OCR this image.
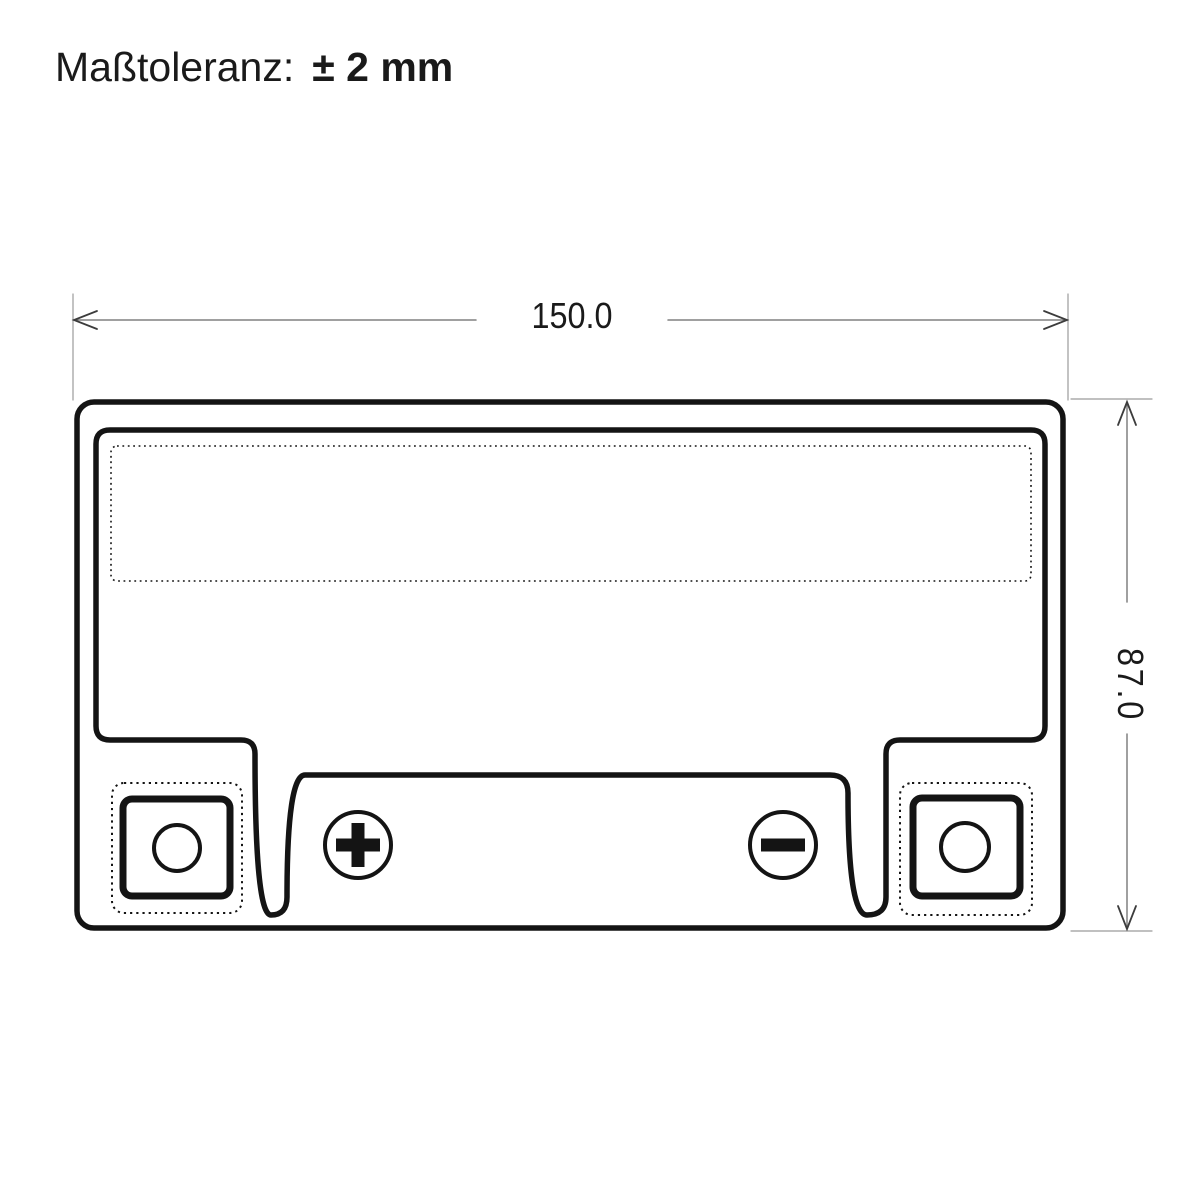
Maßtoleranz: ± 2 mm
150.0
87.0
